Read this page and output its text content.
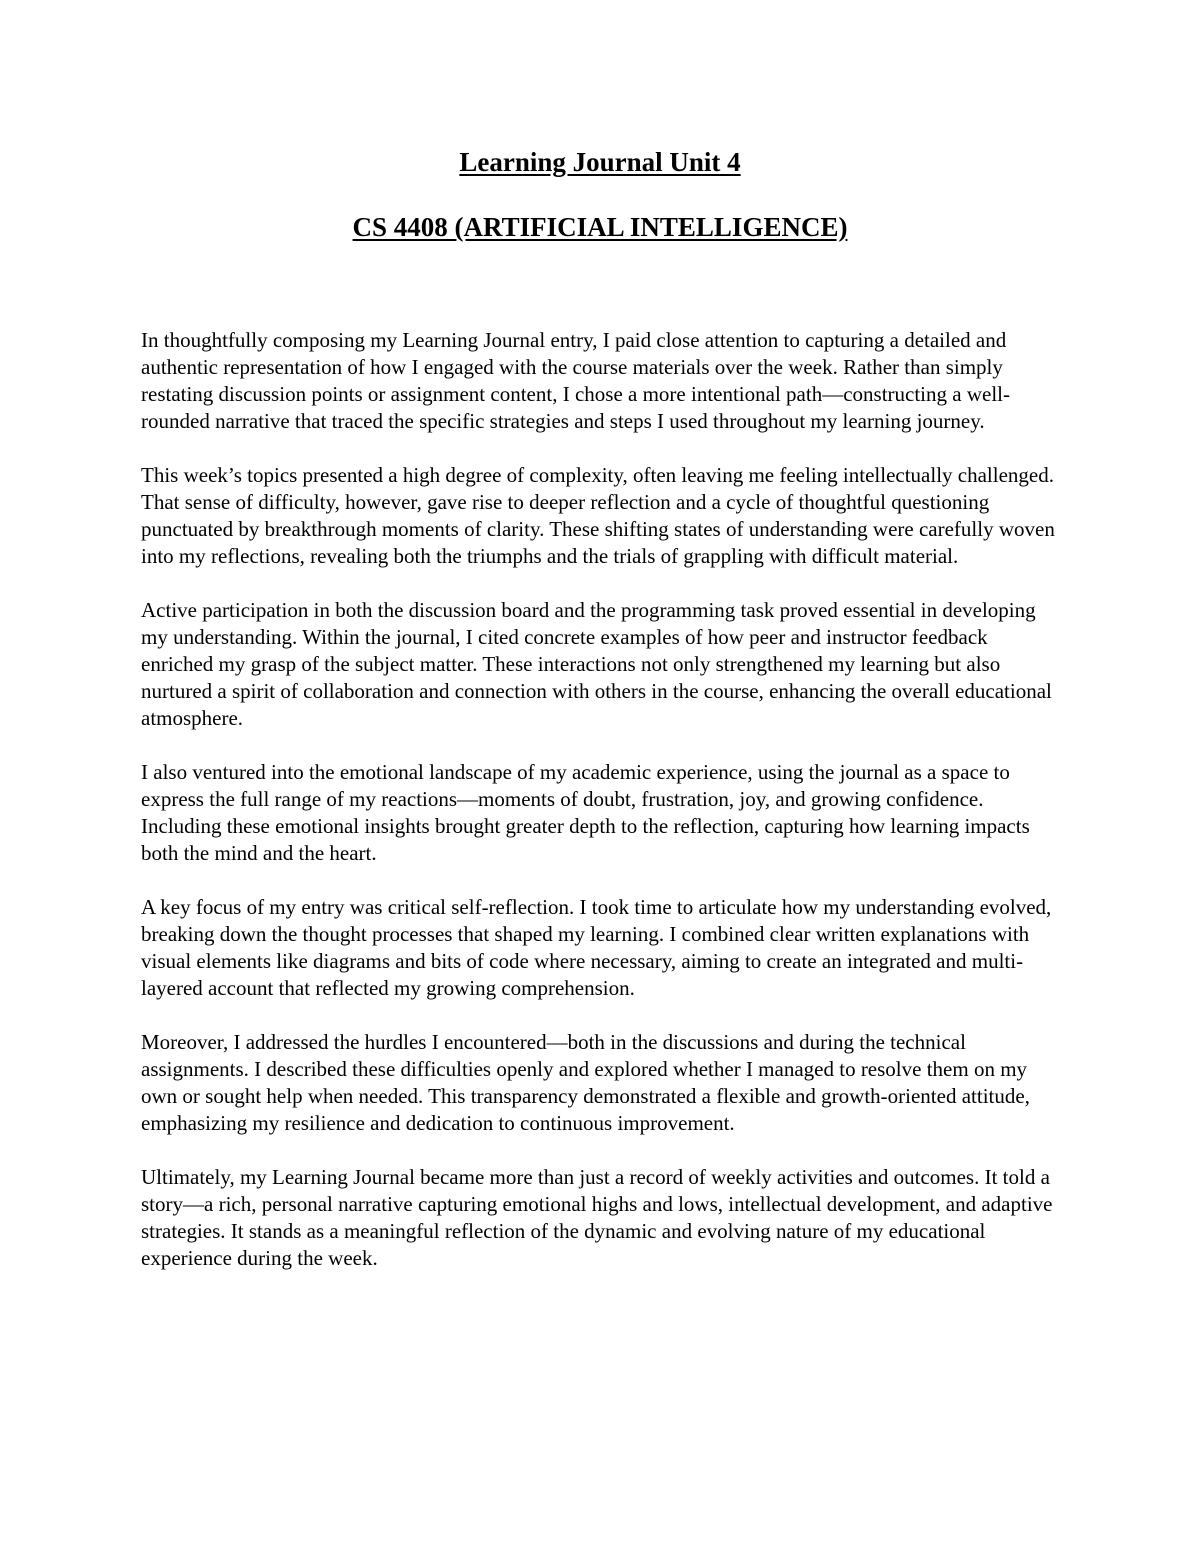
Learning Journal Unit 4
CS 4408 (ARTIFICIAL INTELLIGENCE)

In thoughtfully composing my Learning Journal entry, I paid close attention to capturing a detailed and authentic representation of how I engaged with the course materials over the week. Rather than simply restating discussion points or assignment content, I chose a more intentional path—constructing a well-rounded narrative that traced the specific strategies and steps I used throughout my learning journey.

This week’s topics presented a high degree of complexity, often leaving me feeling intellectually challenged. That sense of difficulty, however, gave rise to deeper reflection and a cycle of thoughtful questioning punctuated by breakthrough moments of clarity. These shifting states of understanding were carefully woven into my reflections, revealing both the triumphs and the trials of grappling with difficult material.

Active participation in both the discussion board and the programming task proved essential in developing my understanding. Within the journal, I cited concrete examples of how peer and instructor feedback enriched my grasp of the subject matter. These interactions not only strengthened my learning but also nurtured a spirit of collaboration and connection with others in the course, enhancing the overall educational atmosphere.

I also ventured into the emotional landscape of my academic experience, using the journal as a space to express the full range of my reactions—moments of doubt, frustration, joy, and growing confidence. Including these emotional insights brought greater depth to the reflection, capturing how learning impacts both the mind and the heart.

A key focus of my entry was critical self-reflection. I took time to articulate how my understanding evolved, breaking down the thought processes that shaped my learning. I combined clear written explanations with visual elements like diagrams and bits of code where necessary, aiming to create an integrated and multi-layered account that reflected my growing comprehension.

Moreover, I addressed the hurdles I encountered—both in the discussions and during the technical assignments. I described these difficulties openly and explored whether I managed to resolve them on my own or sought help when needed. This transparency demonstrated a flexible and growth-oriented attitude, emphasizing my resilience and dedication to continuous improvement.

Ultimately, my Learning Journal became more than just a record of weekly activities and outcomes. It told a story—a rich, personal narrative capturing emotional highs and lows, intellectual development, and adaptive strategies. It stands as a meaningful reflection of the dynamic and evolving nature of my educational experience during the week.
